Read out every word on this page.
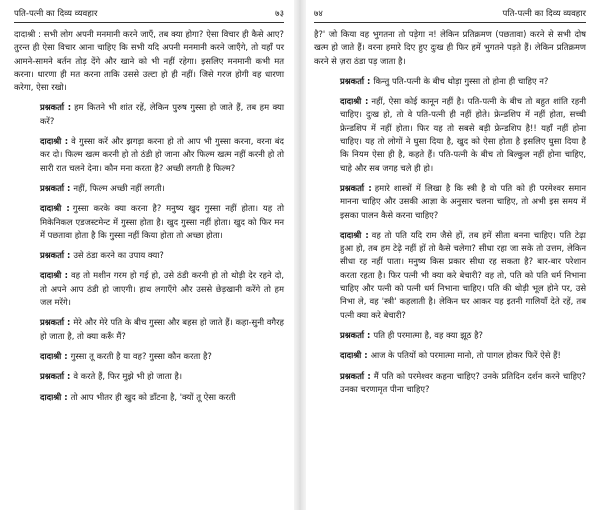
पति-पत्नी का दिव्य व्यवहार	७३

दादाश्री : सभी लोग अपनी मनमानी करने जाएँ, तब क्या होगा? ऐसा विचार ही कैसे आए? तुरन्त ही ऐसा विचार आना चाहिए कि सभी यदि अपनी मनमानी करने जाएँगे, तो यहाँ पर आमने-सामने बर्तन तोड़ देंगे और खाने को भी नहीं रहेगा। इसलिए मनमानी कभी मत करना। धारणा ही मत करना ताकि उससे उल्टा हो ही नहीं। जिसे गरज होगी वह धारणा करेगा, ऐसा रखो।

प्रश्नकर्ता : हम कितने भी शांत रहें, लेकिन पुरुष गुस्सा हो जाते हैं, तब हम क्या करें?

दादाश्री : वे गुस्सा करें और झगड़ा करना हो तो आप भी गुस्सा करना, वरना बंद कर दो। फिल्म खत्म करनी हो तो ठंडी हो जाना और फिल्म खत्म नहीं करनी हो तो सारी रात चलने देना। कौन मना करता है? अच्छी लगती है फिल्म?

प्रश्नकर्ता : नहीं, फिल्म अच्छी नहीं लगती।

दादाश्री : गुस्सा करके क्या करना है? मनुष्य खुद गुस्सा नहीं होता। यह तो मिकेनिकल एडजस्टमेन्ट में गुस्सा होता है। खुद गुस्सा नहीं होता। खुद को फिर मन में पछतावा होता है कि गुस्सा नहीं किया होता तो अच्छा होता।

प्रश्नकर्ता : उसे ठंडा करने का उपाय क्या?

दादाश्री : वह तो मशीन गरम हो गई हो, उसे ठंडी करनी हो तो थोड़ी देर रहने दो, तो अपने आप ठंडी हो जाएगी। हाथ लगाएँगे और उससे छेड़खानी करेंगे तो हम जल मरेंगे।

प्रश्नकर्ता : मेरे और मेरे पति के बीच गुस्सा और बहस हो जाते हैं। कहा-सुनी वगैरह हो जाता है, तो क्या करूँ मैं?

दादाश्री : गुस्सा तू करती है या वह? गुस्सा कौन करता है?

प्रश्नकर्ता : वे करते हैं, फिर मुझे भी हो जाता है।

दादाश्री : तो आप भीतर ही खुद को डाँटना है, 'क्यों तू ऐसा करती

७४	पति-पत्नी का दिव्य व्यवहार

है?' जो किया वह भुगतना तो पड़ेगा न! लेकिन प्रतिक्रमण (पछतावा) करने से सभी दोष खत्म हो जाते हैं। वरना हमारे दिए हुए दुःख ही फिर हमें भुगतने पड़ते हैं। लेकिन प्रतिक्रमण करने से ज़रा ठंडा पड़ जाता है।

प्रश्नकर्ता : किन्तु पति-पत्नी के बीच थोड़ा गुस्सा तो होना ही चाहिए न?

दादाश्री : नहीं, ऐसा कोई कानून नहीं है। पति-पत्नी के बीच तो बहुत शांति रहनी चाहिए। दुःख हो, तो वे पति-पत्नी ही नहीं होते। फ्रेन्डशिप में नहीं होता, सच्ची फ्रेन्डशिप में नहीं होता। फिर यह तो सबसे बड़ी फ्रेन्डशिप है!! यहाँ नहीं होना चाहिए। यह तो लोगों ने घुसा दिया है, खुद को ऐसा होता है इसलिए घुसा दिया है कि नियम ऐसा ही है, कहते हैं। पति-पत्नी के बीच तो बिल्कुल नहीं होना चाहिए, चाहे और सब जगह चले ही हो।

प्रश्नकर्ता : हमारे शास्त्रों में लिखा है कि स्त्री है वो पति को ही परमेश्वर समान मानना चाहिए और उसकी आज्ञा के अनुसार चलना चाहिए, तो अभी इस समय में इसका पालन कैसे करना चाहिए?

दादाश्री : वह तो पति यदि राम जैसे हों, तब हमें सीता बनना चाहिए। पति टेढ़ा हुआ हो, तब हम टेढ़े नहीं हों तो कैसे चलेगा? सीधा रहा जा सके तो उत्तम, लेकिन सीधा रह नहीं पाता। मनुष्य किस प्रकार सीधा रह सकता है? बार-बार परेशान करता रहता है। फिर पत्नी भी क्या करे बेचारी? वह तो, पति को पति धर्म निभाना चाहिए और पत्नी को पत्नी धर्म निभाना चाहिए। पति की थोड़ी भूल होने पर, उसे निभा ले, वह 'स्त्री' कहलाती है। लेकिन घर आकर यह इतनी गालियाँ देते रहें, तब पत्नी क्या करे बेचारी?

प्रश्नकर्ता : पति ही परमात्मा है, वह क्या झूठ है?

दादाश्री : आज के पतियों को परमात्मा मानो, तो पागल होकर फिरें ऐसे हैं!

प्रश्नकर्ता : मैं पति को परमेश्वर कहना चाहिए? उनके प्रतिदिन दर्शन करने चाहिए? उनका चरणामृत पीना चाहिए?
